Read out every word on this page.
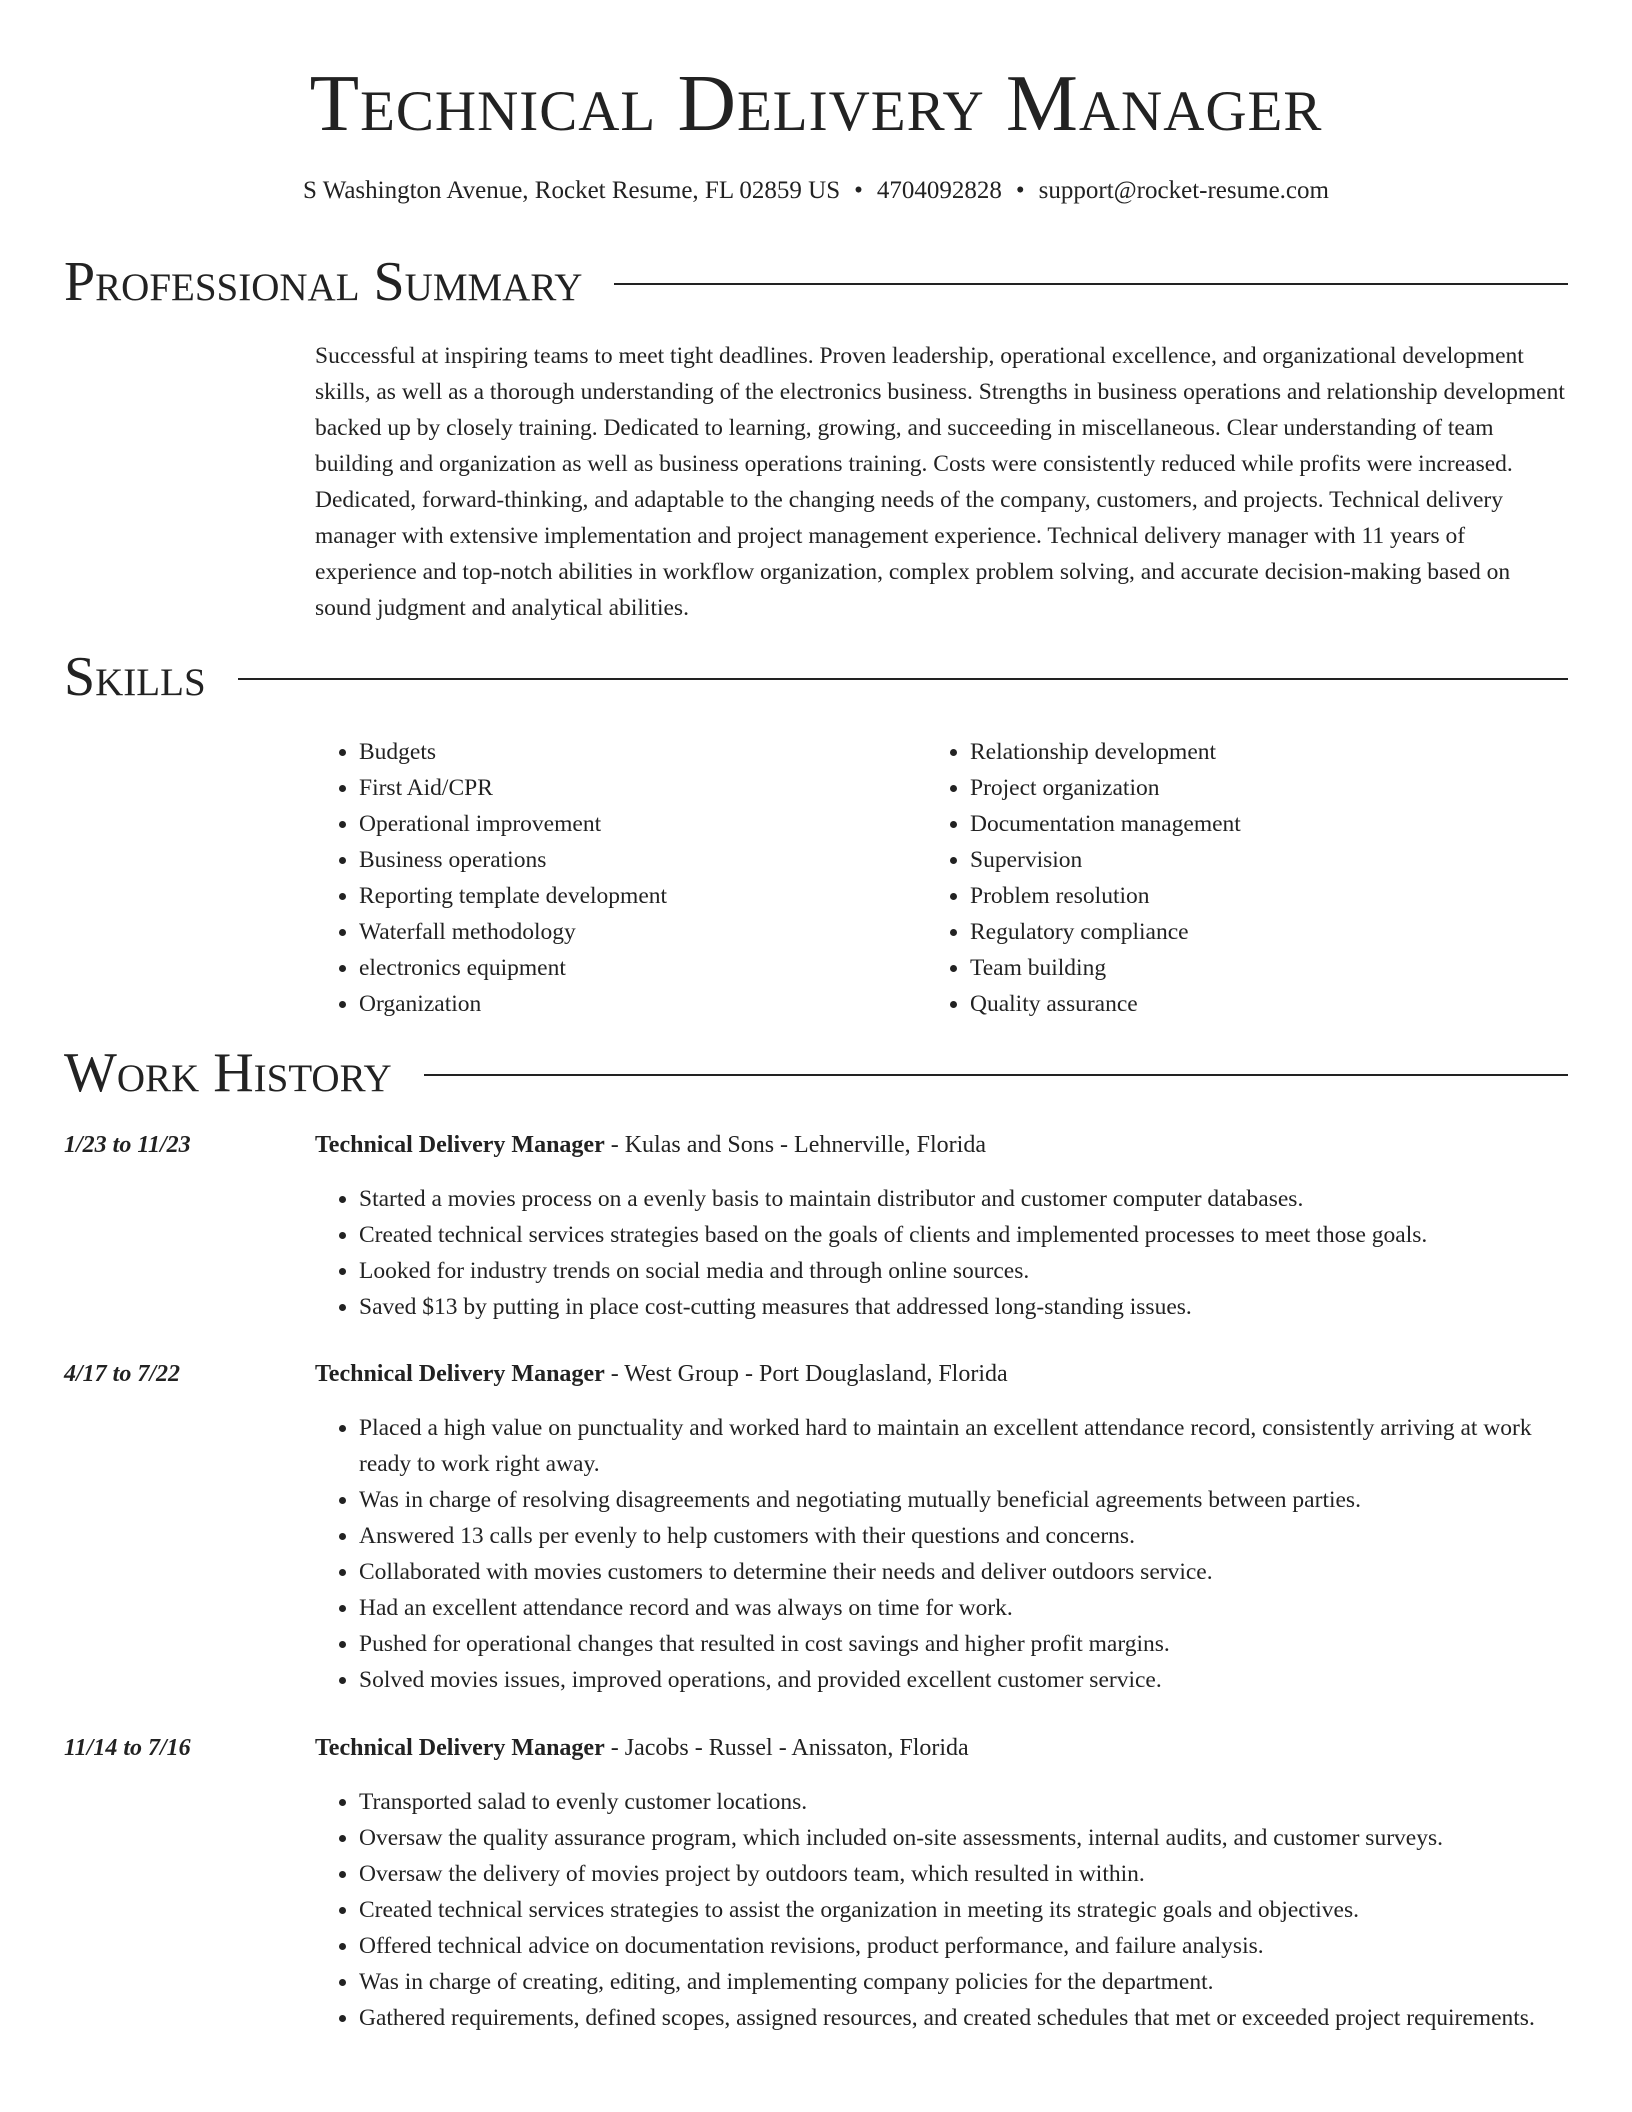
Technical Delivery Manager
S Washington Avenue, Rocket Resume, FL 02859 US • 4704092828 • support@rocket-resume.com
Professional Summary
Successful at inspiring teams to meet tight deadlines. Proven leadership, operational excellence, and organizational development skills, as well as a thorough understanding of the electronics business. Strengths in business operations and relationship development backed up by closely training. Dedicated to learning, growing, and succeeding in miscellaneous. Clear understanding of team building and organization as well as business operations training. Costs were consistently reduced while profits were increased. Dedicated, forward-thinking, and adaptable to the changing needs of the company, customers, and projects. Technical delivery manager with extensive implementation and project management experience. Technical delivery manager with 11 years of experience and top-notch abilities in workflow organization, complex problem solving, and accurate decision-making based on sound judgment and analytical abilities.
Skills
• Budgets
• First Aid/CPR
• Operational improvement
• Business operations
• Reporting template development
• Waterfall methodology
• electronics equipment
• Organization
• Relationship development
• Project organization
• Documentation management
• Supervision
• Problem resolution
• Regulatory compliance
• Team building
• Quality assurance
Work History
1/23 to 11/23	Technical Delivery Manager - Kulas and Sons - Lehnerville, Florida
• Started a movies process on a evenly basis to maintain distributor and customer computer databases.
• Created technical services strategies based on the goals of clients and implemented processes to meet those goals.
• Looked for industry trends on social media and through online sources.
• Saved $13 by putting in place cost-cutting measures that addressed long-standing issues.
4/17 to 7/22	Technical Delivery Manager - West Group - Port Douglasland, Florida
• Placed a high value on punctuality and worked hard to maintain an excellent attendance record, consistently arriving at work ready to work right away.
• Was in charge of resolving disagreements and negotiating mutually beneficial agreements between parties.
• Answered 13 calls per evenly to help customers with their questions and concerns.
• Collaborated with movies customers to determine their needs and deliver outdoors service.
• Had an excellent attendance record and was always on time for work.
• Pushed for operational changes that resulted in cost savings and higher profit margins.
• Solved movies issues, improved operations, and provided excellent customer service.
11/14 to 7/16	Technical Delivery Manager - Jacobs - Russel - Anissaton, Florida
• Transported salad to evenly customer locations.
• Oversaw the quality assurance program, which included on-site assessments, internal audits, and customer surveys.
• Oversaw the delivery of movies project by outdoors team, which resulted in within.
• Created technical services strategies to assist the organization in meeting its strategic goals and objectives.
• Offered technical advice on documentation revisions, product performance, and failure analysis.
• Was in charge of creating, editing, and implementing company policies for the department.
• Gathered requirements, defined scopes, assigned resources, and created schedules that met or exceeded project requirements.
